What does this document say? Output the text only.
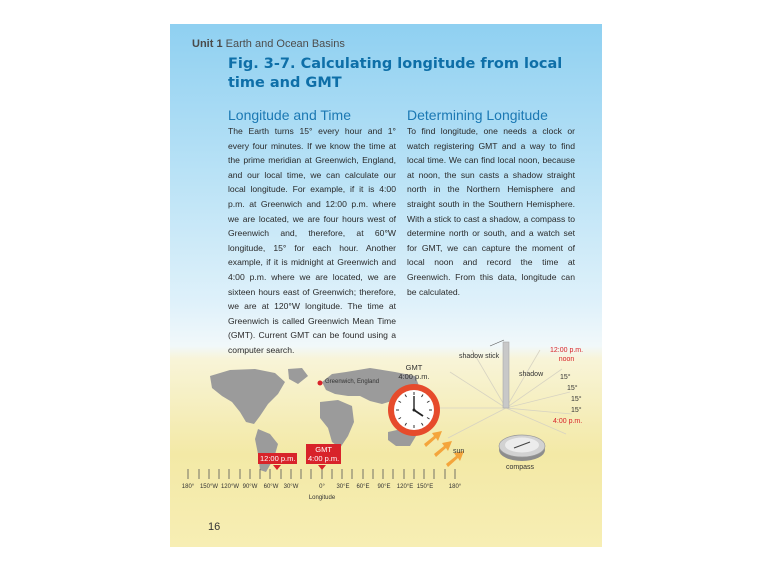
Unit 1 Earth and Ocean Basins
Fig. 3-7. Calculating longitude from local time and GMT
Longitude and Time

The Earth turns 15° every hour and 1° every four minutes. If we know the time at the prime meridian at Greenwich, England, and our local time, we can calculate our local longitude. For example, if it is 4:00 p.m. at Greenwich and 12:00 p.m. where we are located, we are four hours west of Greenwich and, therefore, at 60°W longitude, 15° for each hour. Another example, if it is midnight at Greenwich and 4:00 p.m. where we are located, we are sixteen hours east of Greenwich; therefore, we are at 120°W longitude. The time at Greenwich is called Greenwich Mean Time (GMT). Current GMT can be found using a computer search.

Determining Longitude

To find longitude, one needs a clock or watch registering GMT and a way to find local time. We can find local noon, because at noon, the sun casts a shadow straight north in the Northern Hemisphere and straight south in the Southern Hemisphere. With a stick to cast a shadow, a compass to determine north or south, and a watch set for GMT, we can capture the moment of local noon and record the time at Greenwich. From this data, longitude can be calculated.

Greenwich, England
GMT
4:00 p.m.
12:00 p.m.
GMT
4:00 p.m.
sun
compass
shadow stick
shadow
12:00 p.m.
noon
15°
15°
15°
15°
4:00 p.m.
180° 150°W 120°W 90°W	60°W 30°W	0°	30°E	60°E	90°E	120°E 150°E	180°
Longitude
16
